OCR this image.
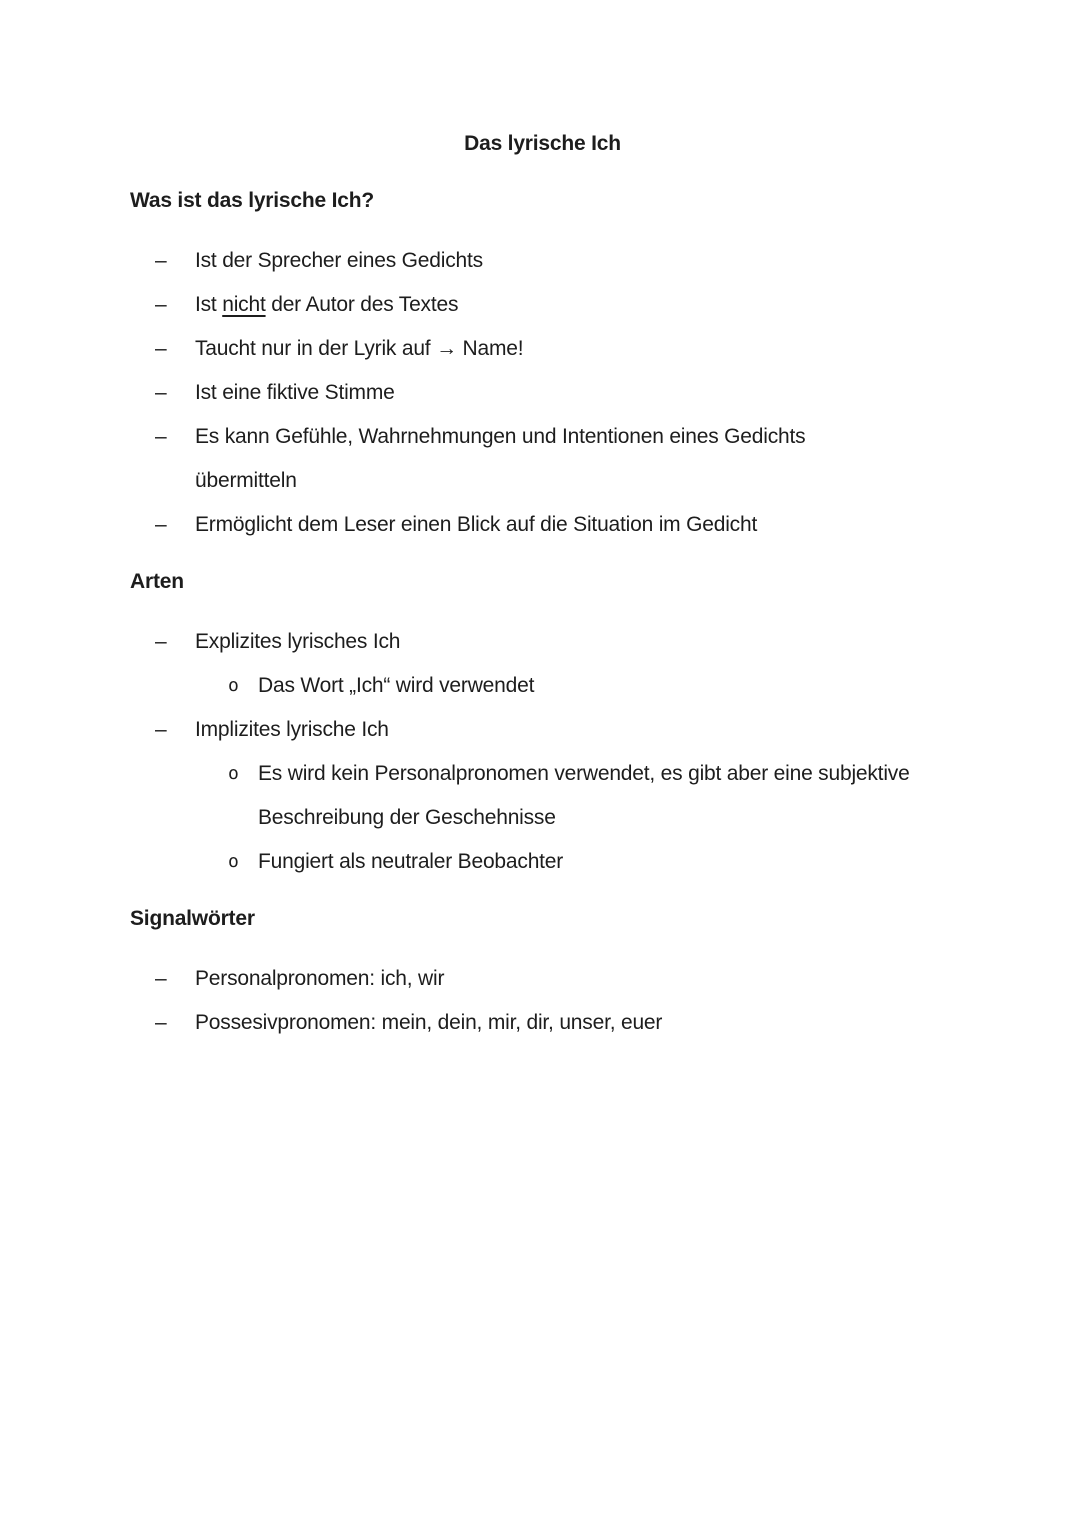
Das lyrische Ich
Was ist das lyrische Ich?
–	Ist der Sprecher eines Gedichts
–	Ist nicht der Autor des Textes
–	Taucht nur in der Lyrik auf → Name!
–	Ist eine fiktive Stimme
–	Es kann Gefühle, Wahrnehmungen und Intentionen eines Gedichts
übermitteln
–	Ermöglicht dem Leser einen Blick auf die Situation im Gedicht
Arten
–	Explizites lyrisches Ich
o Das Wort „Ich“ wird verwendet
–	Implizites lyrische Ich
o Es wird kein Personalpronomen verwendet, es gibt aber eine subjektive
Beschreibung der Geschehnisse
o Fungiert als neutraler Beobachter
Signalwörter
–	Personalpronomen: ich, wir
–	Possesivpronomen: mein, dein, mir, dir, unser, euer
